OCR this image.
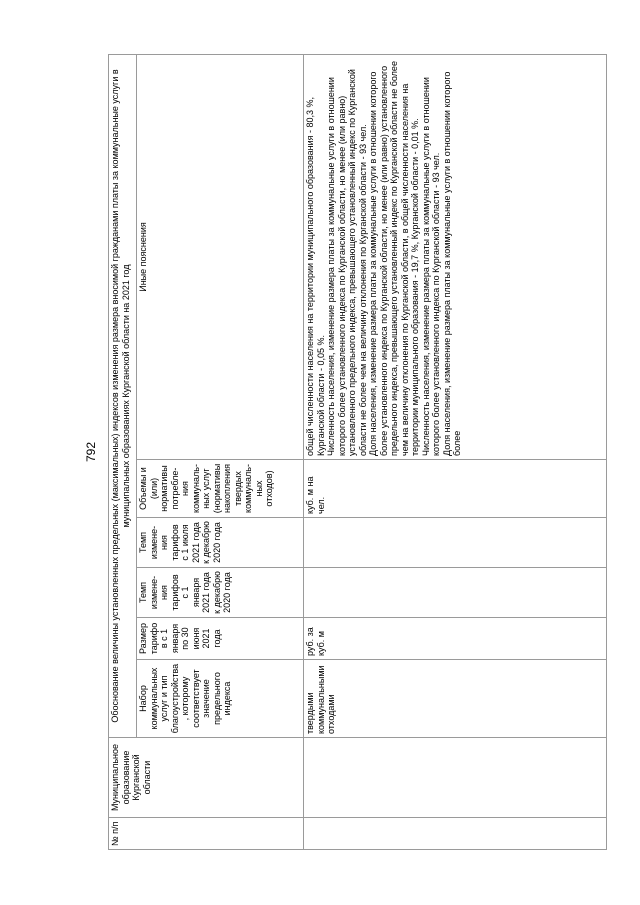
792
№ п/п	Муниципальное образование Курганской области	Обоснование величины установленных предельных (максимальных) индексов изменения размера вносимой гражданами платы за коммунальные услуги в муниципальных образованиях Курганской области на 2021 год					
		Набор коммунальных услуг и тип благоустройства, которому соответствует значение предельного индекса	Размер тарифов с 1 января по 30 июня 2021 года	Темп измене-ния тарифов с 1 января 2021 года к декабрю 2020 года	Темп измене-ния тарифов с 1 июля 2021 года к декабрю 2020 года	Объемы и (или) нормативы потребле-ния коммуналь-ных услуг (нормативы накопления твердых коммуналь-ных отходов)	Иные пояснения
		твердыми коммунальными отходами	руб. за куб. м			куб. м на чел.	общей численности населения на территории муниципального образования - 80,3 %, Курганской области - 0,05 %. Численность населения, изменение размера платы за коммунальные услуги в отношении которого более установленного индекса по Курганской области, но менее (или равно) установленного предельного индекса, превышающего установленный индекс по Курганской области не более чем на величину отклонения по Курганской области - 93 чел. Доля населения, изменение размера платы за коммунальные услуги в отношении которого более установленного индекса по Курганской области, но менее (или равно) установленного предельного индекса, превышающего установленный индекс по Курганской области не более чем на величину отклонения по Курганской области, в общей численности населения на территории муниципального образования - 19,7 %, Курганской области - 0,01 %. Численность населения, изменение размера платы за коммунальные услуги в отношении которого более установленного индекса по Курганской области - 93 чел. Доля населения, изменение размера платы за коммунальные услуги в отношении которого более
